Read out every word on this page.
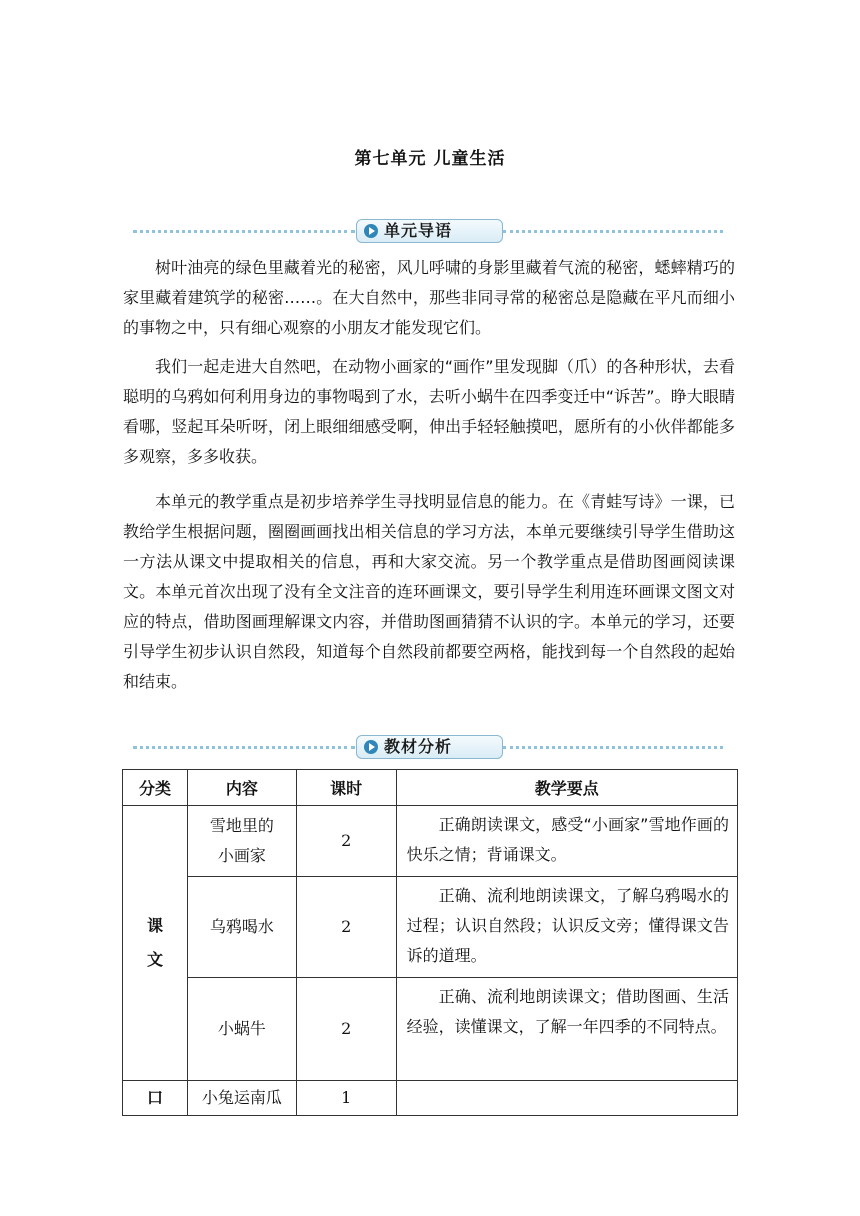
第七单元 儿童生活
单元导语

树叶油亮的绿色里藏着光的秘密，风儿呼啸的身影里藏着气流的秘密，蟋蟀精巧的家里藏着建筑学的秘密……。在大自然中，那些非同寻常的秘密总是隐藏在平凡而细小的事物之中，只有细心观察的小朋友才能发现它们。

我们一起走进大自然吧，在动物小画家的“画作”里发现脚（爪）的各种形状，去看聪明的乌鸦如何利用身边的事物喝到了水，去听小蜗牛在四季变迁中“诉苦”。睁大眼睛看哪，竖起耳朵听呀，闭上眼细细感受啊，伸出手轻轻触摸吧，愿所有的小伙伴都能多多观察，多多收获。

本单元的教学重点是初步培养学生寻找明显信息的能力。在《青蛙写诗》一课，已教给学生根据问题，圈圈画画找出相关信息的学习方法，本单元要继续引导学生借助这一方法从课文中提取相关的信息，再和大家交流。另一个教学重点是借助图画阅读课文。本单元首次出现了没有全文注音的连环画课文，要引导学生利用连环画课文图文对应的特点，借助图画理解课文内容，并借助图画猜猜不认识的字。本单元的学习，还要引导学生初步认识自然段，知道每个自然段前都要空两格，能找到每一个自然段的起始和结束。

教材分析
分类	内容	课时	教学要点
课
文	雪地里的小画家	2	正确朗读课文，感受“小画家”雪地作画的快乐之情；背诵课文。
	乌鸦喝水	2	正确、流利地朗读课文，了解乌鸦喝水的过程；认识自然段；认识反文旁；懂得课文告诉的道理。
	小蜗牛	2	正确、流利地朗读课文；借助图画、生活经验，读懂课文，了解一年四季的不同特点。
口	小兔运南瓜	1	
